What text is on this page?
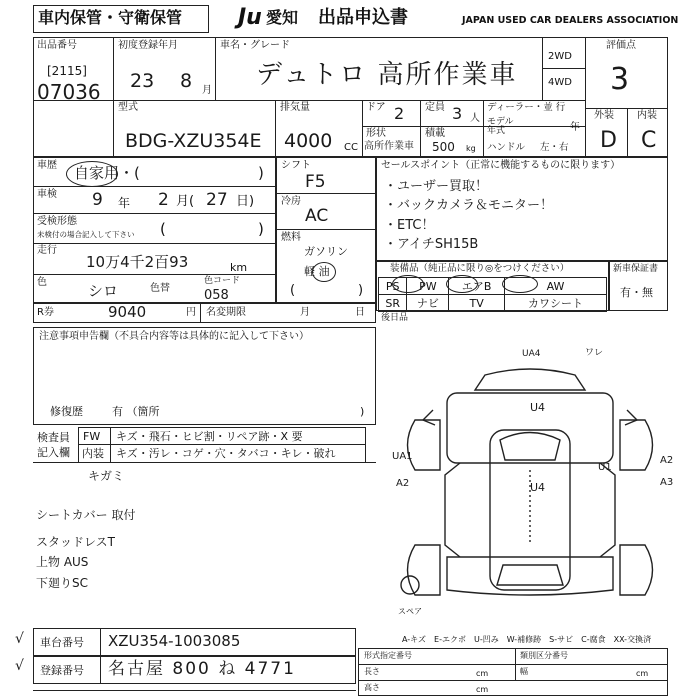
車内保管・守衛保管	Ju 愛知 出品申込書	JAPAN USED CAR DEALERS ASSOCIATION
出品番号
[2115]
07036
初度登録年月
23 8 月
車名・グレード
デュトロ 高所作業車
2WD
4WD
評価点
3
外装 内装
D C
型式
BDG-XZU354E
排気量
4000 CC
ドア 2 定員 3 人
ディーラー・並 行
モデル 年式	年
形状
高所作業車
積載
500 kg ハンドル 左・右
車歴 自家用・(	)
車検 9 年 2 月( 27 日)
受検形態
未検付の場合記入して下さい (	)
走行
10万4千2百93	km
色	シロ	色替
色コード
058
シフト
F5
冷房
AC
燃料
ガソリン
軽 油
(	)
セールスポイント（正常に機能するものに限ります）
・ユーザー買取！
・バックカメラ＆モニター！
・ETC！
・アイチSH15B
装備品（純正品に限り◎をつけください）
PS	PW	エアB	AW
SR	ナビ	TV	カワシート
新車保証書
有・無
R券	9040	円 名変期限	月	日 後日品
注意事項申告欄（不具合内容等は具体的に記入して下さい）
修復歴	有 （箇所	)
検査員
記入欄
FW キズ・飛石・ヒビ割・リペア跡・X 要
内装 キズ・汚レ・コゲ・穴・タバコ・キレ・破れ
キガミ
シートカバー 取付
スタッドレスT
上物 AUS
下廻りSC
UA4	ワレ
U4
UA1
A2
U1
A2
A3
U4
スペア
車台番号 XZU354-1003085
登録番号 名古屋 800 ね 4771
√
√
A-キズ　E-エクボ　U-凹み　W-補修跡　S-サビ　C-腐食　XX-交換済
形式指定番号	類別区分番号
長さ	cm	幅	cm
高さ	cm
